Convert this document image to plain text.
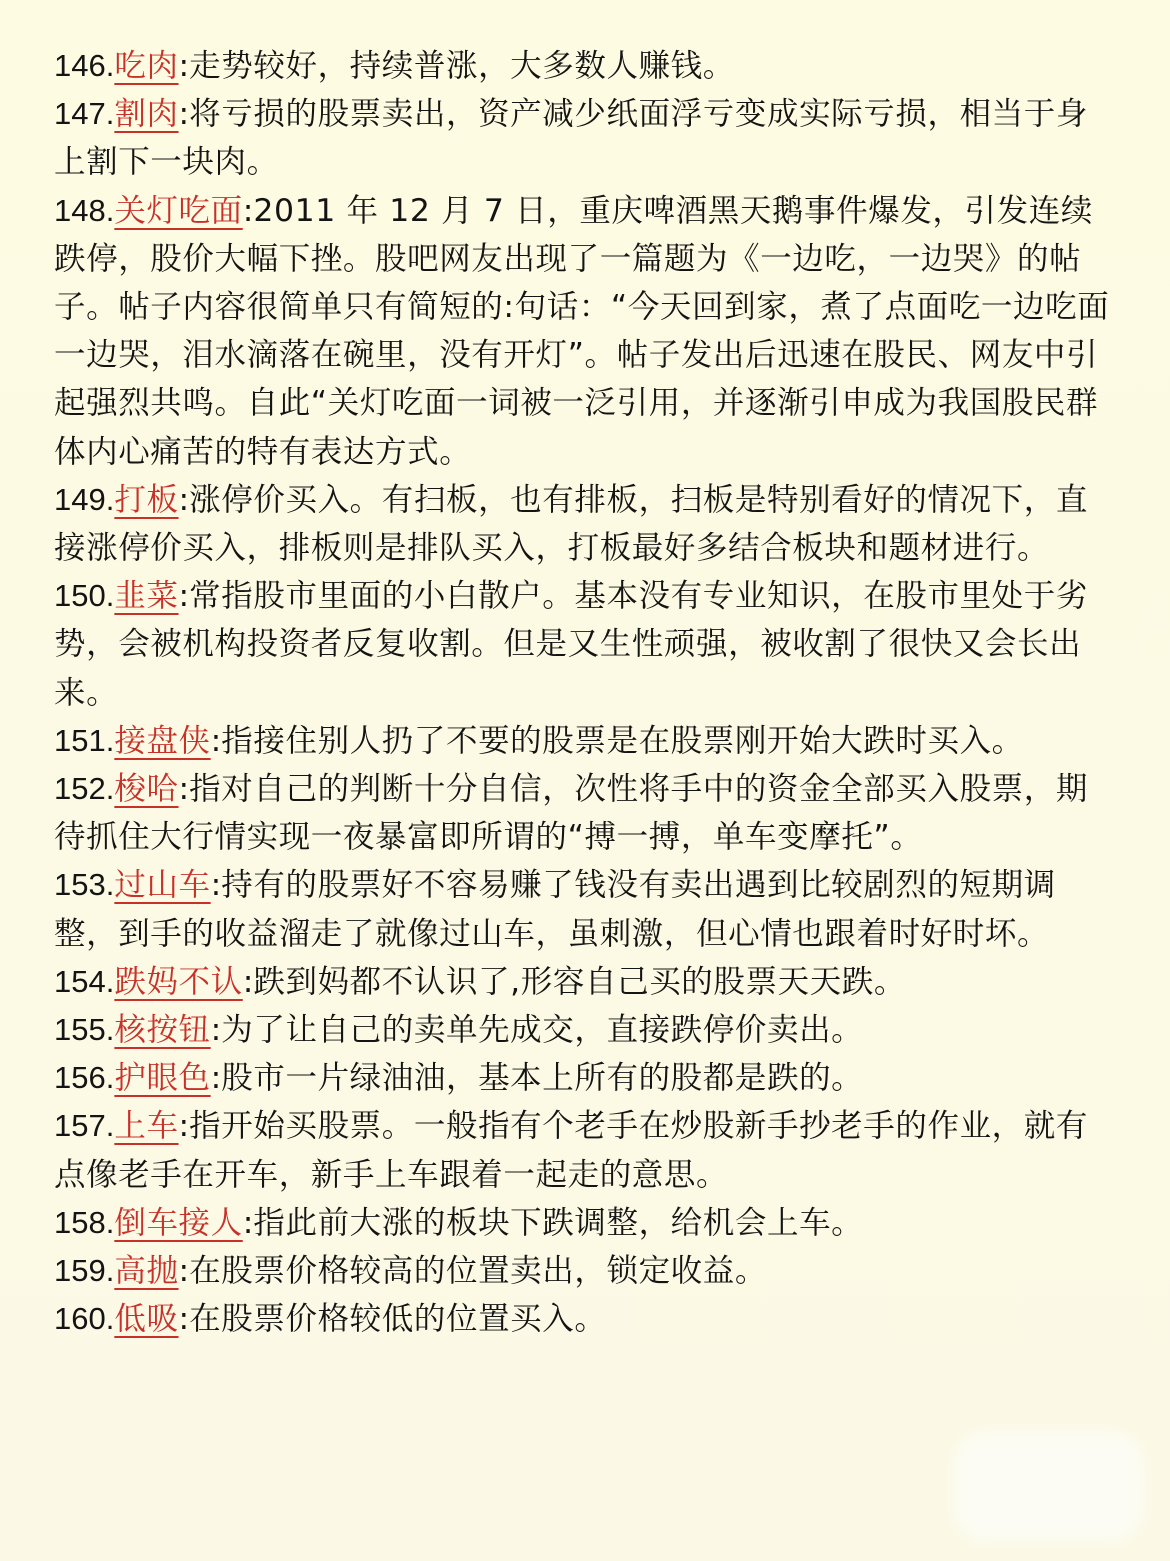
146.吃肉:走势较好，持续普涨，大多数人赚钱。

147.割肉:将亏损的股票卖出，资产减少纸面浮亏变成实际亏损，相当于身上割下一块肉。

148.关灯吃面:2011 年 12 月 7 日，重庆啤酒黑天鹅事件爆发，引发连续跌停，股价大幅下挫。股吧网友出现了一篇题为《一边吃，一边哭》的帖子。帖子内容很简单只有简短的:句话：“今天回到家，煮了点面吃一边吃面一边哭，泪水滴落在碗里，没有开灯”。帖子发出后迅速在股民、网友中引起强烈共鸣。自此“关灯吃面一词被一泛引用，并逐渐引申成为我国股民群体内心痛苦的特有表达方式。

149.打板:涨停价买入。有扫板，也有排板，扫板是特别看好的情况下，直接涨停价买入，排板则是排队买入，打板最好多结合板块和题材进行。

150.韭菜:常指股市里面的小白散户。基本没有专业知识，在股市里处于劣势，会被机构投资者反复收割。但是又生性顽强，被收割了很快又会长出来。

151.接盘侠:指接住别人扔了不要的股票是在股票刚开始大跌时买入。

152.梭哈:指对自己的判断十分自信，次性将手中的资金全部买入股票，期待抓住大行情实现一夜暴富即所谓的“搏一搏，单车变摩托”。

153.过山车:持有的股票好不容易赚了钱没有卖出遇到比较剧烈的短期调整，到手的收益溜走了就像过山车，虽刺激，但心情也跟着时好时坏。

154.跌妈不认:跌到妈都不认识了,形容自己买的股票天天跌。

155.核按钮:为了让自己的卖单先成交，直接跌停价卖出。

156.护眼色:股市一片绿油油，基本上所有的股都是跌的。

157.上车:指开始买股票。一般指有个老手在炒股新手抄老手的作业，就有点像老手在开车，新手上车跟着一起走的意思。

158.倒车接人:指此前大涨的板块下跌调整，给机会上车。

159.高抛:在股票价格较高的位置卖出，锁定收益。

160.低吸:在股票价格较低的位置买入。
